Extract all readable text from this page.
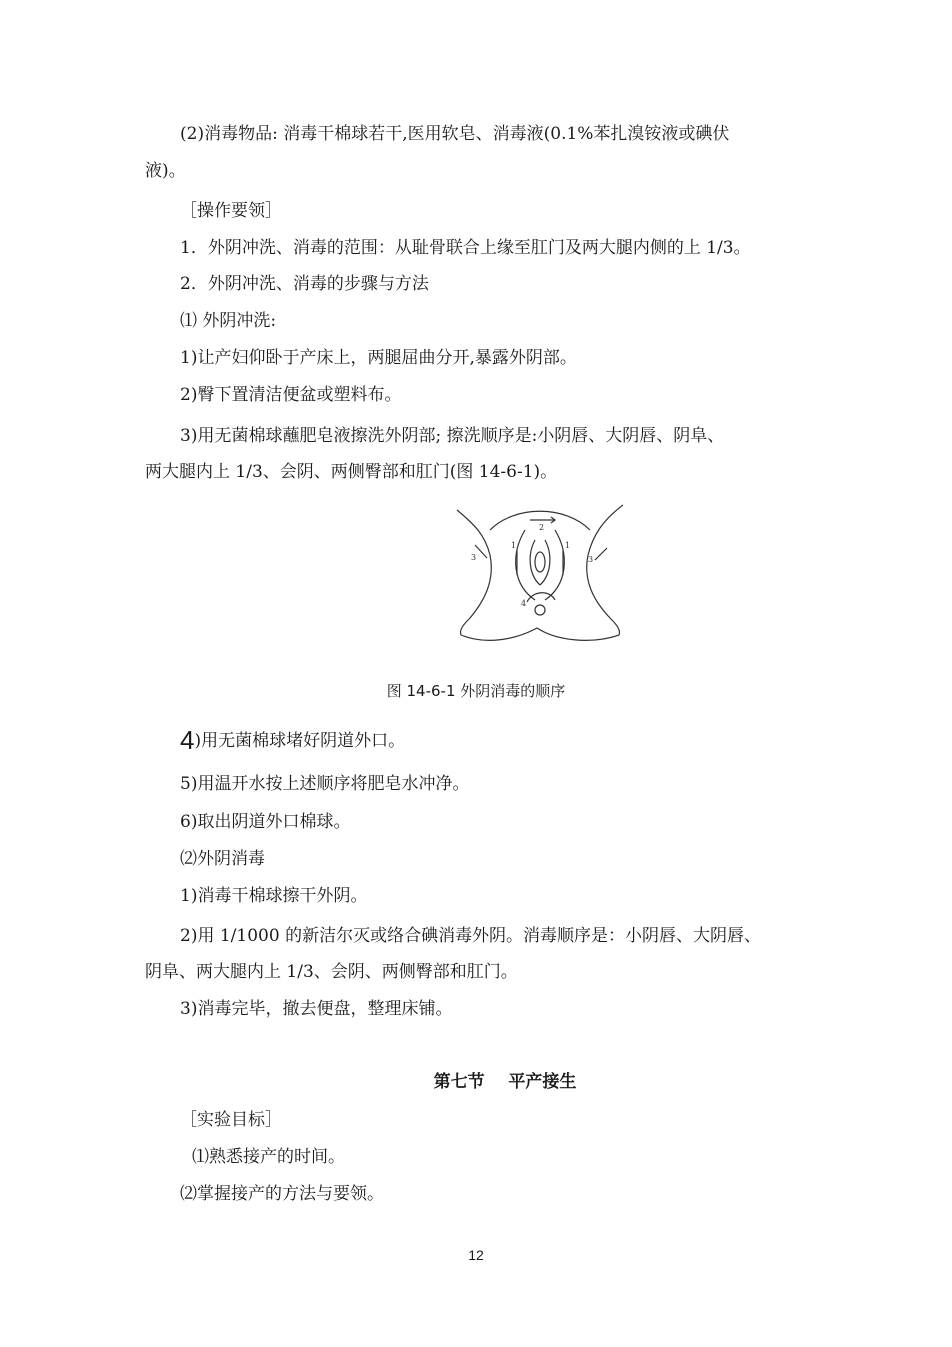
(2)消毒物品: 消毒干棉球若干,医用软皂、消毒液(0.1%苯扎溴铵液或碘伏
液)。
［操作要领］
1．外阴冲洗、消毒的范围：从耻骨联合上缘至肛门及两大腿内侧的上 1/3。
2．外阴冲洗、消毒的步骤与方法
⑴ 外阴冲洗:
1)让产妇仰卧于产床上，两腿屈曲分开,暴露外阴部。
2)臀下置清洁便盆或塑料布。
3)用无菌棉球蘸肥皂液擦洗外阴部; 擦洗顺序是:小阴唇、大阴唇、阴阜、
两大腿内上 1/3、会阴、两侧臀部和肛门(图 14-6-1)。
1	1
2
3	3
4
图 14-6-1 外阴消毒的顺序
4)用无菌棉球堵好阴道外口。
5)用温开水按上述顺序将肥皂水冲净。
6)取出阴道外口棉球。
⑵外阴消毒
1)消毒干棉球擦干外阴。
2)用 1/1000 的新洁尔灭或络合碘消毒外阴。消毒顺序是：小阴唇、大阴唇、
阴阜、两大腿内上 1/3、会阴、两侧臀部和肛门。
3)消毒完毕，撤去便盘，整理床铺。
第七节    平产接生
［实验目标］
⑴熟悉接产的时间。
⑵掌握接产的方法与要领。
12
